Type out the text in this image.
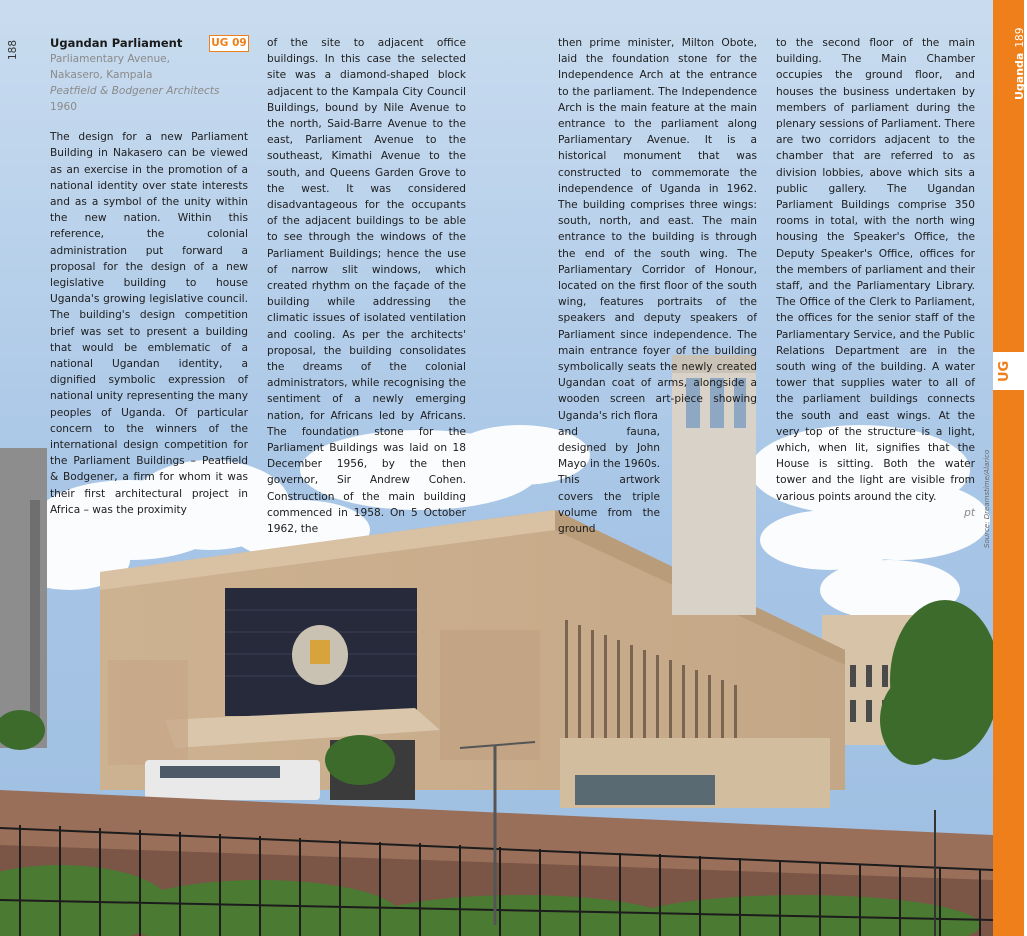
188	UG 09
Ugandan Parliament
Parliamentary Avenue,
Nakasero, Kampala
Peatfield & Bodgener Architects
1960

The design for a new Parliament Building in Nakasero can be viewed as an exercise in the promotion of a national identity over state interests and as a symbol of the unity within the new nation. Within this reference, the colonial administration put forward a proposal for the design of a new legislative building to house Uganda's growing legislative council. The building's design competition brief was set to present a building that would be emblematic of a national Ugandan identity, a dignified symbolic expression of national unity representing the many peoples of Uganda. Of particular concern to the winners of the international design competition for the Parliament Buildings – Peatfield & Bodgener, a firm for whom it was their first architectural project in Africa – was the proximity

of the site to adjacent office buildings. In this case the selected site was a diamond-shaped block adjacent to the Kampala City Council Buildings, bound by Nile Avenue to the north, Said-Barre Avenue to the east, Parliament Avenue to the southeast, Kimathi Avenue to the south, and Queens Garden Grove to the west. It was considered disadvantageous for the occupants of the adjacent buildings to be able to see through the windows of the Parliament Buildings; hence the use of narrow slit windows, which created rhythm on the façade of the building while addressing the climatic issues of isolated ventilation and cooling. As per the architects' proposal, the building consolidates the dreams of the colonial administrators, while recognising the sentiment of a newly emerging nation, for Africans led by Africans. The foundation stone for the Parliament Buildings was laid on 18 December 1956, by the then governor, Sir Andrew Cohen. Construction of the main building commenced in 1958. On 5 October 1962, the

then prime minister, Milton Obote, laid the foundation stone for the Independence Arch at the entrance to the parliament. The Independence Arch is the main feature at the main entrance to the parliament along Parliamentary Avenue. It is a historical monument that was constructed to commemorate the independence of Uganda in 1962. The building comprises three wings: south, north, and east. The main entrance to the building is through the end of the south wing. The Parliamentary Corridor of Honour, located on the first floor of the south wing, features portraits of the speakers and deputy speakers of Parliament since independence. The main entrance foyer of the building symbolically seats the newly created Ugandan coat of arms, alongside a wooden screen art-piece showing Uganda's rich flora

and fauna, designed by John Mayo in the 1960s. This artwork covers the triple volume from the ground

to the second floor of the main building. The Main Chamber occupies the ground floor, and houses the business undertaken by members of parliament during the plenary sessions of Parliament. There are two corridors adjacent to the chamber that are referred to as division lobbies, above which sits a public gallery. The Ugandan Parliament Buildings comprise 350 rooms in total, with the north wing housing the Speaker's Office, the Deputy Speaker's Office, offices for the members of parliament and their staff, and the Parliamentary Library. The Office of the Clerk to Parliament, the offices for the senior staff of the Parliamentary Service, and the Public Relations Department are in the south wing of the building. A water tower that supplies water to all of the parliament buildings connects the south and east wings. At the very top of the structure is a light, which, when lit, signifies that the House is sitting. Both the water tower and the light are visible from various points around the city.

pt
Uganda189
UG
Source: Dreamstime/Alarico
